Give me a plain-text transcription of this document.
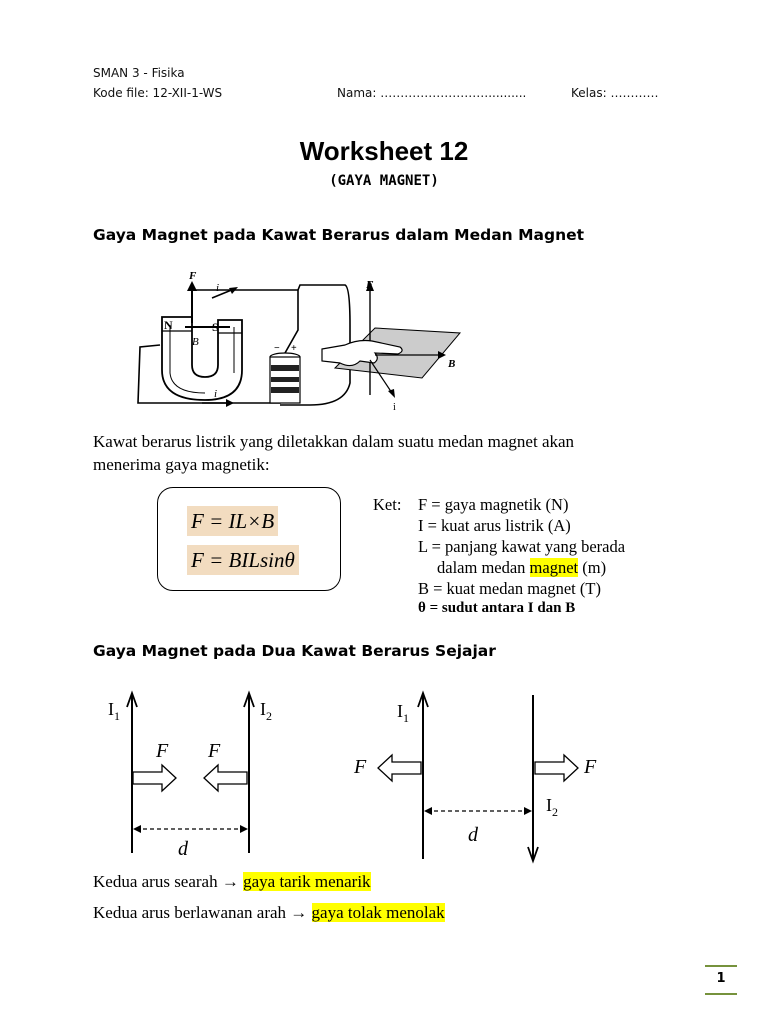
SMAN 3 - Fisika
Kode file: 12-XII-1-WS	Nama: ………………………..........	Kelas: …………
Worksheet 12
(GAYA MAGNET)
Gaya Magnet pada Kawat Berarus dalam Medan Magnet
F
i
N	S
B
i
− +
F
B
i
Kawat berarus listrik yang diletakkan dalam suatu medan magnet akan
menerima gaya magnetik:
F = IL×B
F = BILsinθ
Ket: F = gaya magnetik (N)
I = kuat arus listrik (A)
L = panjang kawat yang berada
dalam medan magnet (m)
B = kuat medan magnet (T)
θ = sudut antara I dan B
Gaya Magnet pada Dua Kawat Berarus Sejajar
$I_1$	$I_2$
F F
d
$I_1$
$I_2$
F	F
d
Kedua arus searah → gaya tarik menarik
Kedua arus berlawanan arah → gaya tolak menolak
1
